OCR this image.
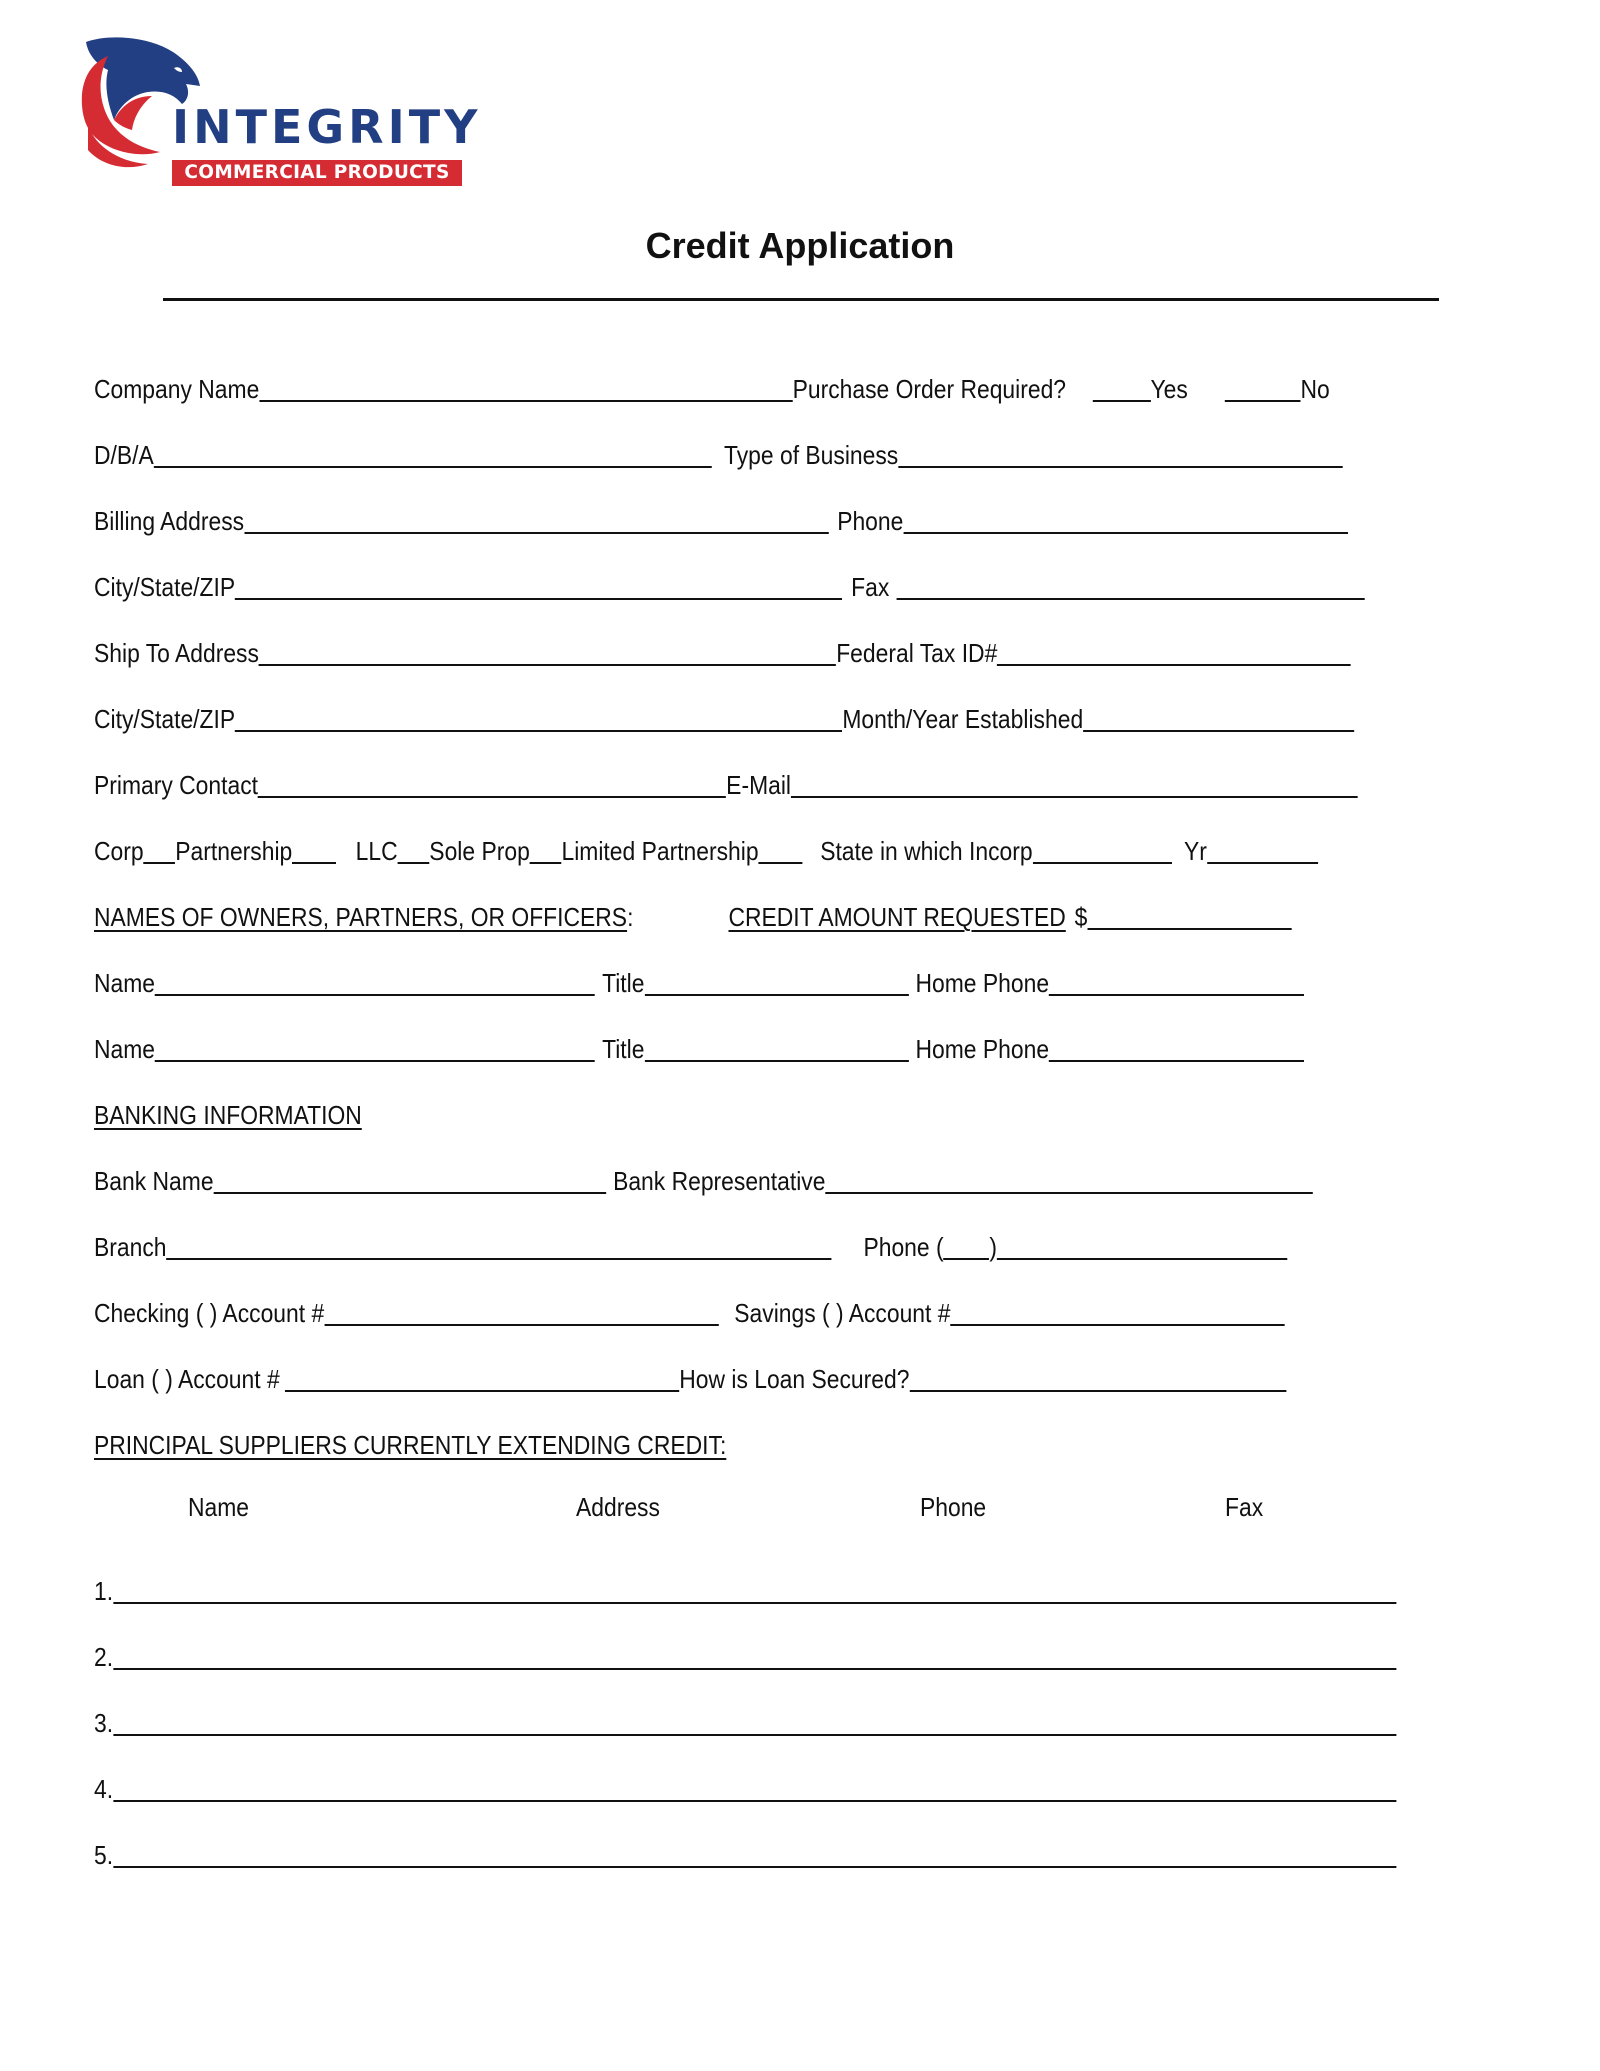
INTEGRITY
COMMERCIAL PRODUCTS
Credit Application
Company Name	Purchase Order Required?	Yes	No
D/B/A	Type of Business
Billing Address	Phone
City/State/ZIP	Fax
Ship To Address	Federal Tax ID#
City/State/ZIP	Month/Year Established
Primary Contact	E-Mail
Corp Partnership LLC Sole Prop Limited Partnership State in which Incorp	Yr
NAMES OF OWNERS, PARTNERS, OR OFFICERS :	CREDIT AMOUNT REQUESTED $
Name	Title	Home Phone
Name	Title	Home Phone
BANKING INFORMATION
Bank Name	Bank Representative
Branch	Phone ( )
Checking ( ) Account #	Savings ( ) Account #
Loan ( ) Account #	How is Loan Secured?
PRINCIPAL SUPPLIERS CURRENTLY EXTENDING CREDIT:
Name	Address	Phone	Fax
1.
2.
3.
4.
5.
